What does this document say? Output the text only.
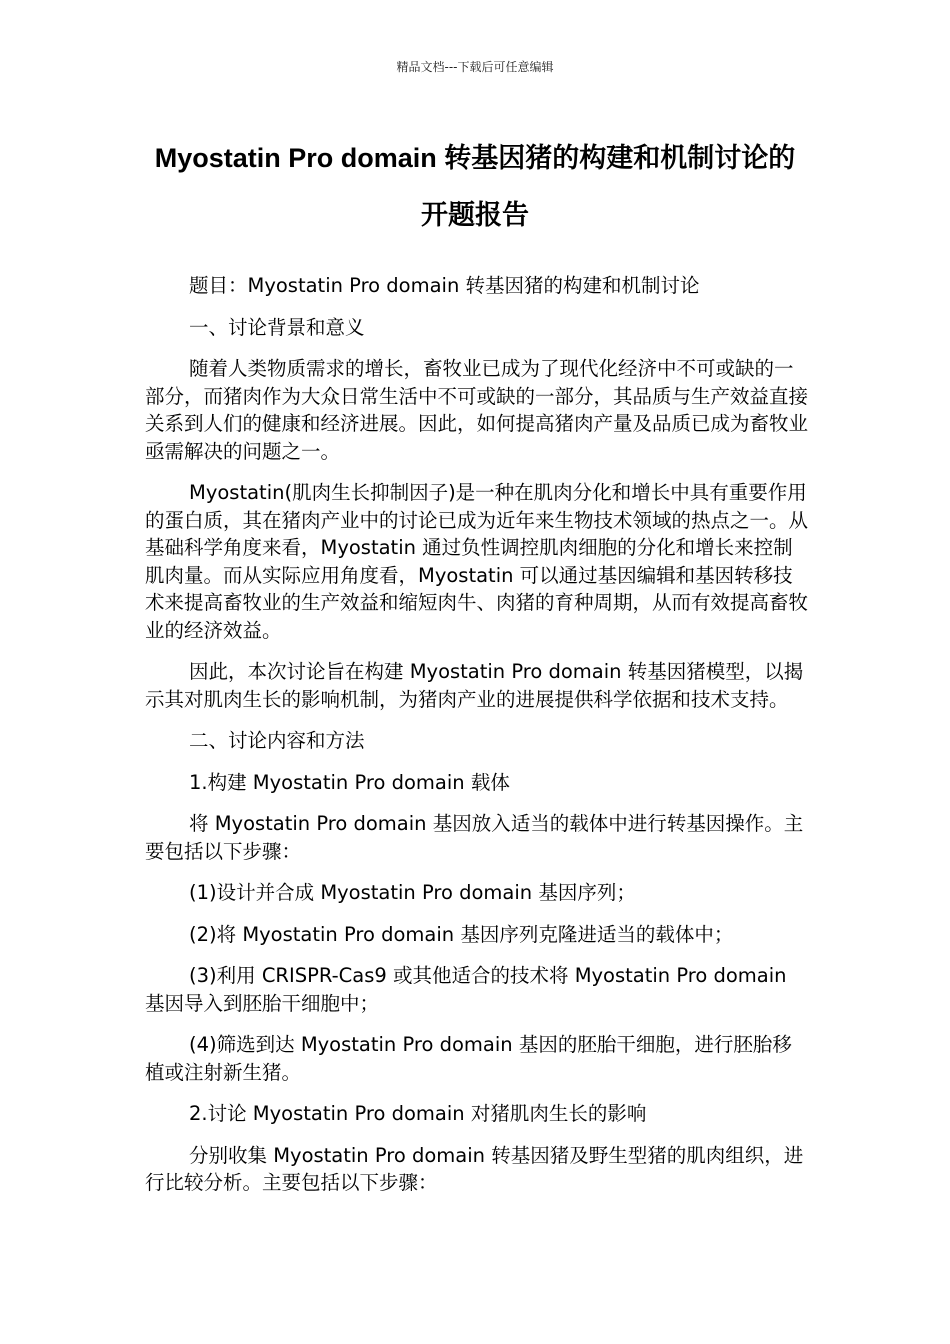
精品文档---下载后可任意编辑
Myostatin Pro domain 转基因猪的构建和机制讨论的
开题报告

题目：Myostatin Pro domain 转基因猪的构建和机制讨论

一、讨论背景和意义

随着人类物质需求的增长，畜牧业已成为了现代化经济中不可或缺的一部分，而猪肉作为大众日常生活中不可或缺的一部分，其品质与生产效益直接关系到人们的健康和经济进展。因此，如何提高猪肉产量及品质已成为畜牧业亟需解决的问题之一。

Myostatin(肌肉生长抑制因子)是一种在肌肉分化和增长中具有重要作用的蛋白质，其在猪肉产业中的讨论已成为近年来生物技术领域的热点之一。从基础科学角度来看，Myostatin 通过负性调控肌肉细胞的分化和增长来控制肌肉量。而从实际应用角度看，Myostatin 可以通过基因编辑和基因转移技术来提高畜牧业的生产效益和缩短肉牛、肉猪的育种周期，从而有效提高畜牧业的经济效益。

因此，本次讨论旨在构建 Myostatin Pro domain 转基因猪模型，以揭示其对肌肉生长的影响机制，为猪肉产业的进展提供科学依据和技术支持。

二、讨论内容和方法

1.构建 Myostatin Pro domain 载体

将 Myostatin Pro domain 基因放入适当的载体中进行转基因操作。主要包括以下步骤：

(1)设计并合成 Myostatin Pro domain 基因序列；

(2)将 Myostatin Pro domain 基因序列克隆进适当的载体中；

(3)利用 CRISPR-Cas9 或其他适合的技术将 Myostatin Pro domain 基因导入到胚胎干细胞中；

(4)筛选到达 Myostatin Pro domain 基因的胚胎干细胞，进行胚胎移植或注射新生猪。

2.讨论 Myostatin Pro domain 对猪肌肉生长的影响

分别收集 Myostatin Pro domain 转基因猪及野生型猪的肌肉组织，进行比较分析。主要包括以下步骤：
